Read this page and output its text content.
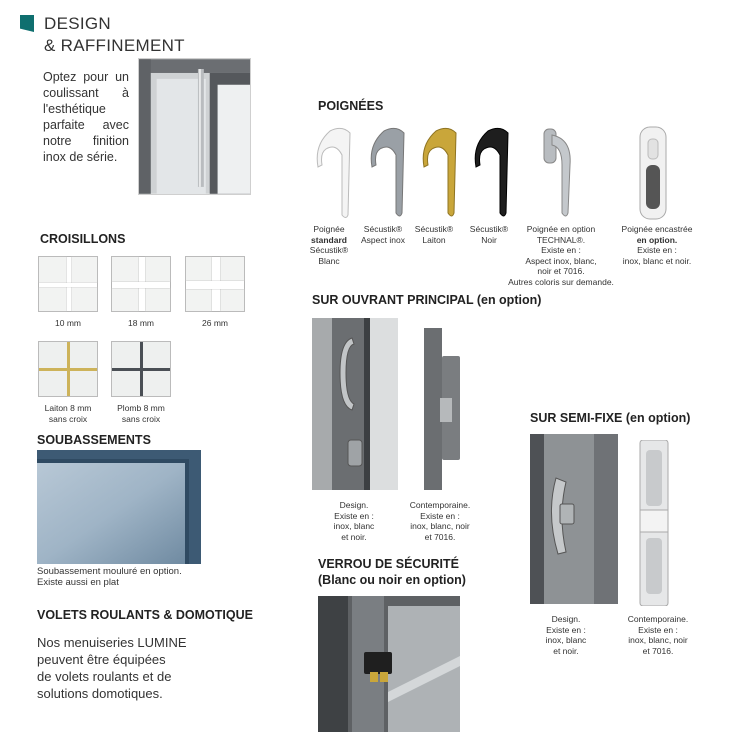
DESIGN
& RAFFINEMENT
Optez pour un coulissant à l'esthétique parfaite avec notre finition inox de série.
CROISILLONS
10 mm	18 mm	26 mm
Laiton 8 mm
sans croix
Plomb 8 mm
sans croix
SOUBASSEMENTS
Soubassement mouluré en option.
Existe aussi en plat
VOLETS ROULANTS & DOMOTIQUE
Nos menuiseries LUMINE
peuvent être équipées
de volets roulants et de
solutions domotiques.
POIGNÉES
Poignée
standard
Sécustik®
Blanc
Sécustik®
Aspect inox
Sécustik®
Laiton
Sécustik®
Noir
Poignée en option
TECHNAL®.
Existe en :
Aspect inox, blanc,
noir et 7016.
Autres coloris sur demande.
Poignée encastrée
en option.
Existe en :
inox, blanc et noir.
SUR OUVRANT PRINCIPAL (en option)
Design.
Existe en :
inox, blanc
et noir.
Contemporaine.
Existe en :
inox, blanc, noir
et 7016.
SUR SEMI-FIXE (en option)
Design.
Existe en :
inox, blanc
et noir.
Contemporaine.
Existe en :
inox, blanc, noir
et 7016.
VERROU DE SÉCURITÉ
(Blanc ou noir en option)
